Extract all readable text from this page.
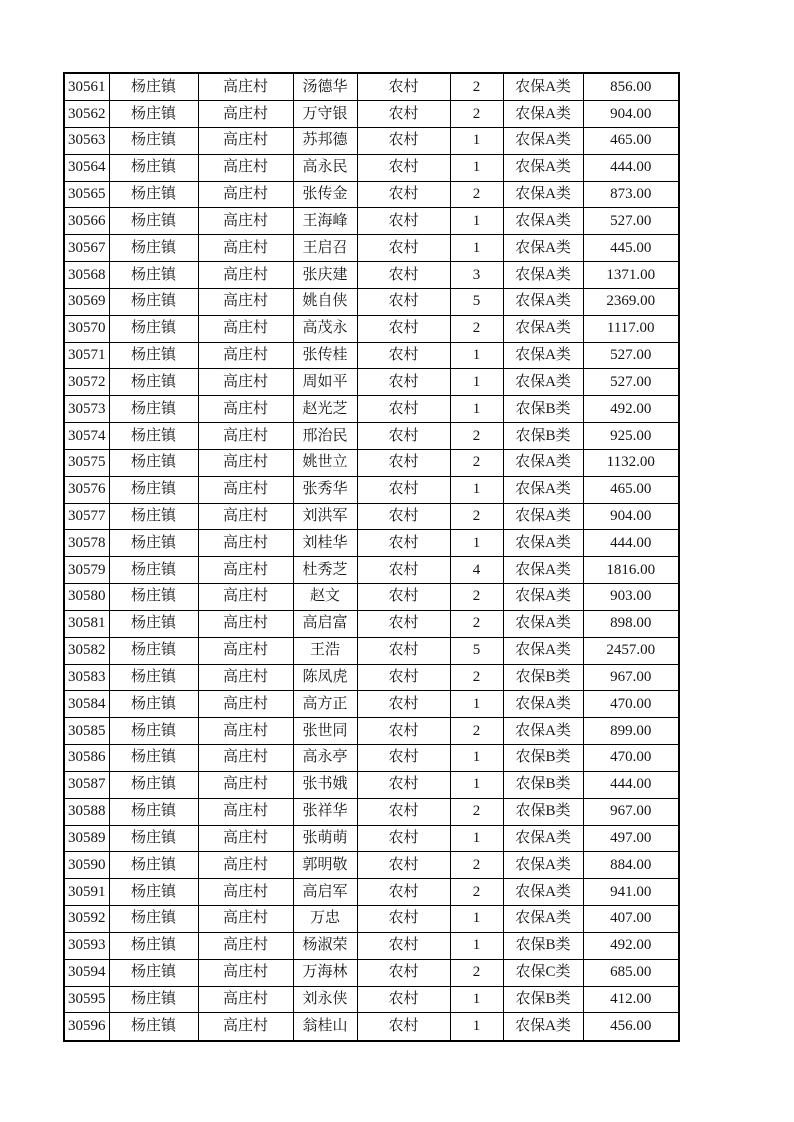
30561	杨庄镇	高庄村	汤德华	农村	2	农保A类	856.00
30562	杨庄镇	高庄村	万守银	农村	2	农保A类	904.00
30563	杨庄镇	高庄村	苏邦德	农村	1	农保A类	465.00
30564	杨庄镇	高庄村	高永民	农村	1	农保A类	444.00
30565	杨庄镇	高庄村	张传金	农村	2	农保A类	873.00
30566	杨庄镇	高庄村	王海峰	农村	1	农保A类	527.00
30567	杨庄镇	高庄村	王启召	农村	1	农保A类	445.00
30568	杨庄镇	高庄村	张庆建	农村	3	农保A类	1371.00
30569	杨庄镇	高庄村	姚自侠	农村	5	农保A类	2369.00
30570	杨庄镇	高庄村	高茂永	农村	2	农保A类	1117.00
30571	杨庄镇	高庄村	张传桂	农村	1	农保A类	527.00
30572	杨庄镇	高庄村	周如平	农村	1	农保A类	527.00
30573	杨庄镇	高庄村	赵光芝	农村	1	农保B类	492.00
30574	杨庄镇	高庄村	邢治民	农村	2	农保B类	925.00
30575	杨庄镇	高庄村	姚世立	农村	2	农保A类	1132.00
30576	杨庄镇	高庄村	张秀华	农村	1	农保A类	465.00
30577	杨庄镇	高庄村	刘洪军	农村	2	农保A类	904.00
30578	杨庄镇	高庄村	刘桂华	农村	1	农保A类	444.00
30579	杨庄镇	高庄村	杜秀芝	农村	4	农保A类	1816.00
30580	杨庄镇	高庄村	赵文	农村	2	农保A类	903.00
30581	杨庄镇	高庄村	高启富	农村	2	农保A类	898.00
30582	杨庄镇	高庄村	王浩	农村	5	农保A类	2457.00
30583	杨庄镇	高庄村	陈凤虎	农村	2	农保B类	967.00
30584	杨庄镇	高庄村	高方正	农村	1	农保A类	470.00
30585	杨庄镇	高庄村	张世同	农村	2	农保A类	899.00
30586	杨庄镇	高庄村	高永亭	农村	1	农保B类	470.00
30587	杨庄镇	高庄村	张书娥	农村	1	农保B类	444.00
30588	杨庄镇	高庄村	张祥华	农村	2	农保B类	967.00
30589	杨庄镇	高庄村	张萌萌	农村	1	农保A类	497.00
30590	杨庄镇	高庄村	郭明敬	农村	2	农保A类	884.00
30591	杨庄镇	高庄村	高启军	农村	2	农保A类	941.00
30592	杨庄镇	高庄村	万忠	农村	1	农保A类	407.00
30593	杨庄镇	高庄村	杨淑荣	农村	1	农保B类	492.00
30594	杨庄镇	高庄村	万海林	农村	2	农保C类	685.00
30595	杨庄镇	高庄村	刘永侠	农村	1	农保B类	412.00
30596	杨庄镇	高庄村	翁桂山	农村	1	农保A类	456.00
